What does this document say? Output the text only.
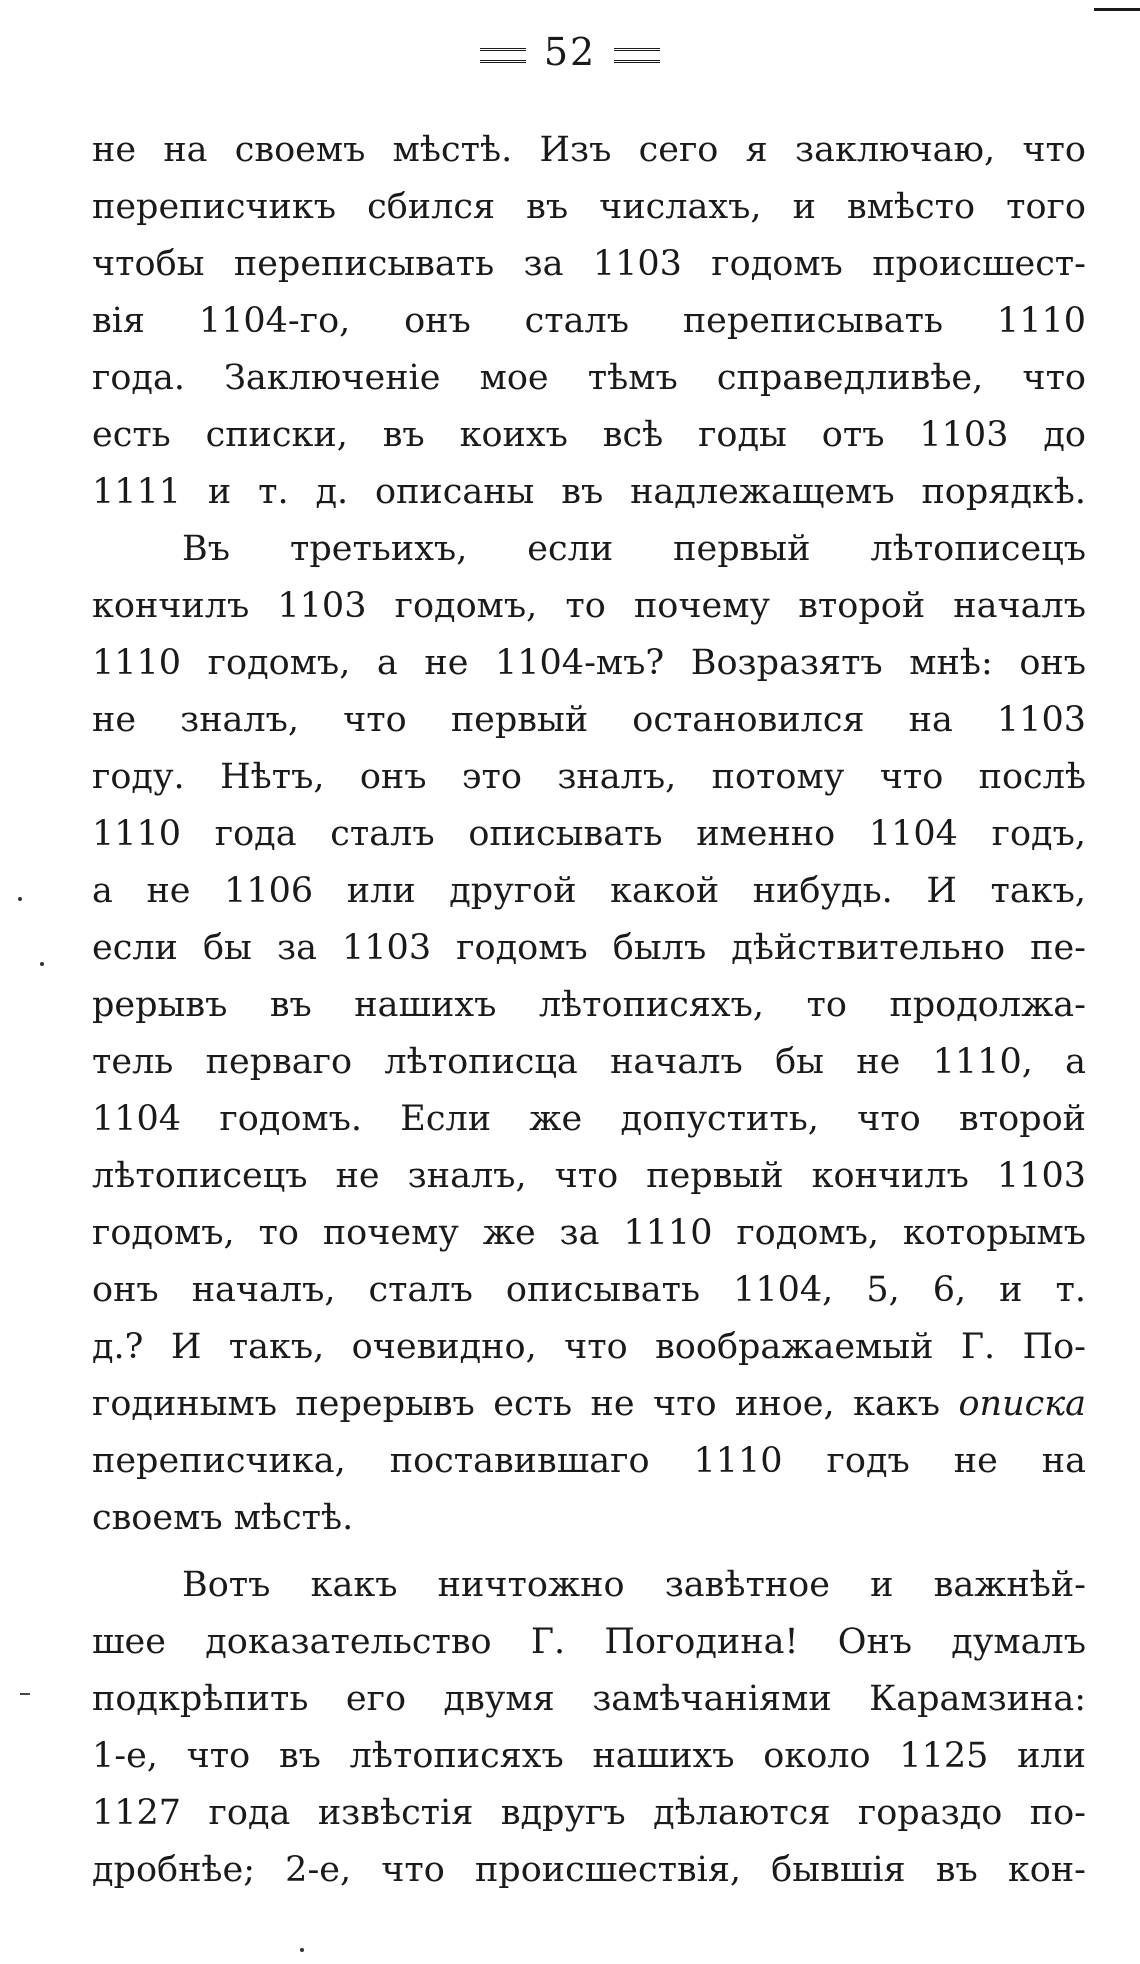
52
не на своемъ мѣстѣ. Изъ сего я заключаю, что
переписчикъ сбился въ числахъ, и вмѣсто того
чтобы переписывать за 1103 годомъ происшест-
вія 1104-го, онъ сталъ переписывать 1110
года. Заключеніе мое тѣмъ справедливѣе, что
есть списки, въ коихъ всѣ годы отъ 1103 до
1111 и т. д. описаны въ надлежащемъ порядкѣ.
Въ третьихъ, если первый лѣтописецъ
кончилъ 1103 годомъ, то почему второй началъ
1110 годомъ, а не 1104-мъ? Возразятъ мнѣ: онъ
не зналъ, что первый остановился на 1103
году. Нѣтъ, онъ это зналъ, потому что послѣ
1110 года сталъ описывать именно 1104 годъ,
а не 1106 или другой какой нибудь. И такъ,
если бы за 1103 годомъ былъ дѣйствительно пе-
рерывъ въ нашихъ лѣтописяхъ, то продолжа-
тель перваго лѣтописца началъ бы не 1110, а
1104 годомъ. Если же допустить, что второй
лѣтописецъ не зналъ, что первый кончилъ 1103
годомъ, то почему же за 1110 годомъ, которымъ
онъ началъ, сталъ описывать 1104, 5, 6, и т.
д.? И такъ, очевидно, что воображаемый Г. По-
годинымъ перерывъ есть не что иное, какъ описка
переписчика, поставившаго 1110 годъ не на
своемъ мѣстѣ.
Вотъ какъ ничтожно завѣтное и важнѣй-
шее доказательство Г. Погодина! Онъ думалъ
подкрѣпить его двумя замѣчаніями Карамзина:
1-е, что въ лѣтописяхъ нашихъ около 1125 или
1127 года извѣстія вдругъ дѣлаются гораздо по-
дробнѣе; 2-е, что происшествія, бывшія въ кон-
